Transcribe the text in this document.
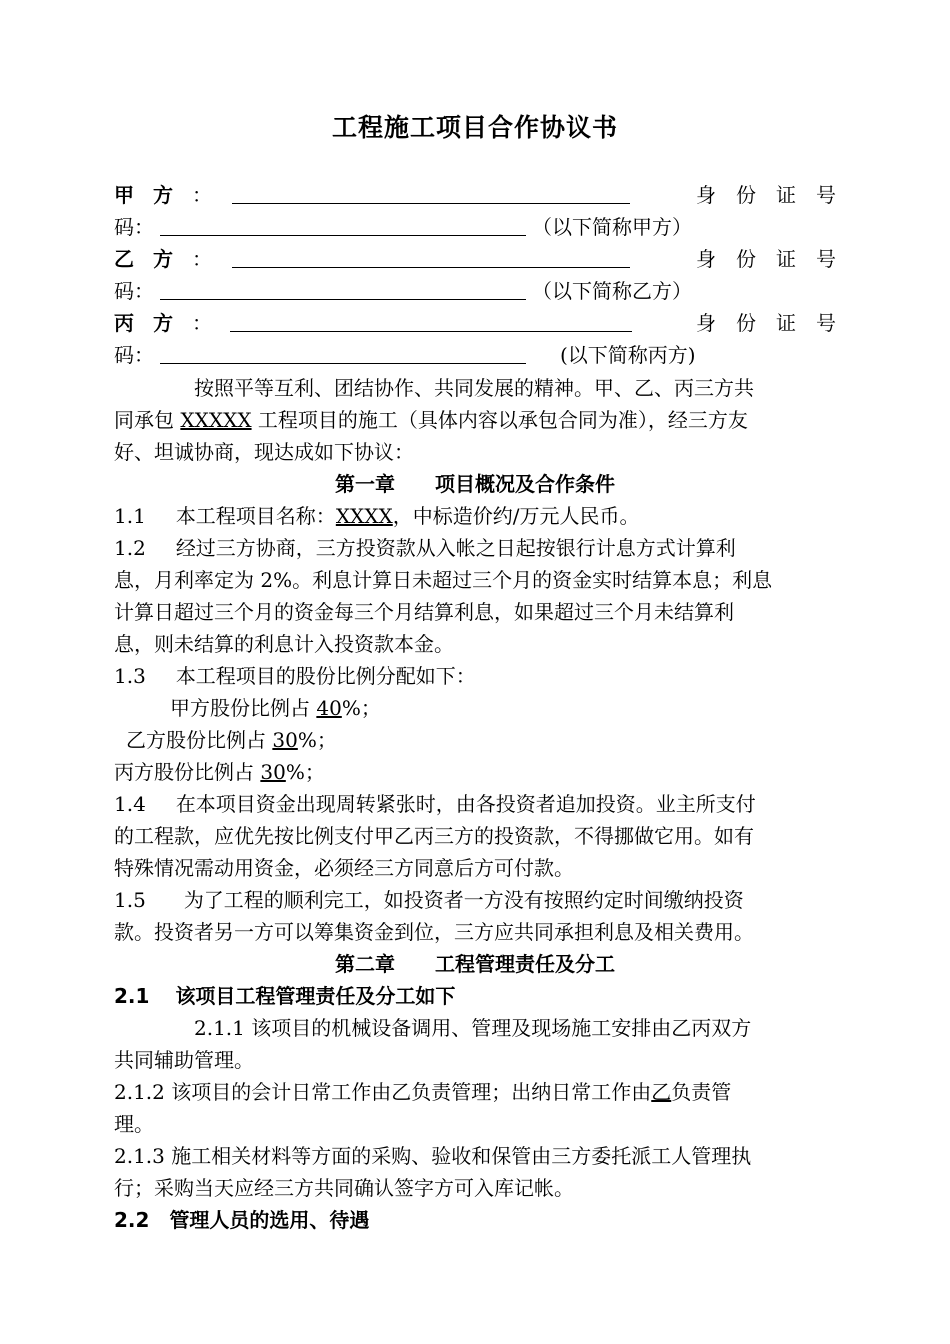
工程施工项目合作协议书
甲 方 ：	身份证号
码：	（以下简称甲方）
乙 方 ：	身份证号
码：	（以下简称乙方）
丙 方 ：	身份证号
码：	(以下简称丙方)
按照平等互利、团结协作、共同发展的精神。甲、乙、丙三方共
同承包 XXXXX 工程项目的施工（具体内容以承包合同为准），经三方友
好、坦诚协商，现达成如下协议：
第一章　　项目概况及合作条件
1.1 本工程项目名称：XXXX，中标造价约/万元人民币。
1.2 经过三方协商，三方投资款从入帐之日起按银行计息方式计算利
息，月利率定为 2%。利息计算日未超过三个月的资金实时结算本息；利息
计算日超过三个月的资金每三个月结算利息，如果超过三个月未结算利
息，则未结算的利息计入投资款本金。
1.3 本工程项目的股份比例分配如下：
甲方股份比例占 40%；
乙方股份比例占 30%；
丙方股份比例占 30%；
1.4 在本项目资金出现周转紧张时，由各投资者追加投资。业主所支付
的工程款，应优先按比例支付甲乙丙三方的投资款，不得挪做它用。如有
特殊情况需动用资金，必须经三方同意后方可付款。
1.5 为了工程的顺利完工，如投资者一方没有按照约定时间缴纳投资
款。投资者另一方可以筹集资金到位，三方应共同承担利息及相关费用。
第二章　　工程管理责任及分工
2.1 该项目工程管理责任及分工如下
2.1.1 该项目的机械设备调用、管理及现场施工安排由乙丙双方
共同辅助管理。
2.1.2 该项目的会计日常工作由乙负责管理；出纳日常工作由乙负责管
理。
2.1.3 施工相关材料等方面的采购、验收和保管由三方委托派工人管理执
行；采购当天应经三方共同确认签字方可入库记帐。
2.2 管理人员的选用、待遇
